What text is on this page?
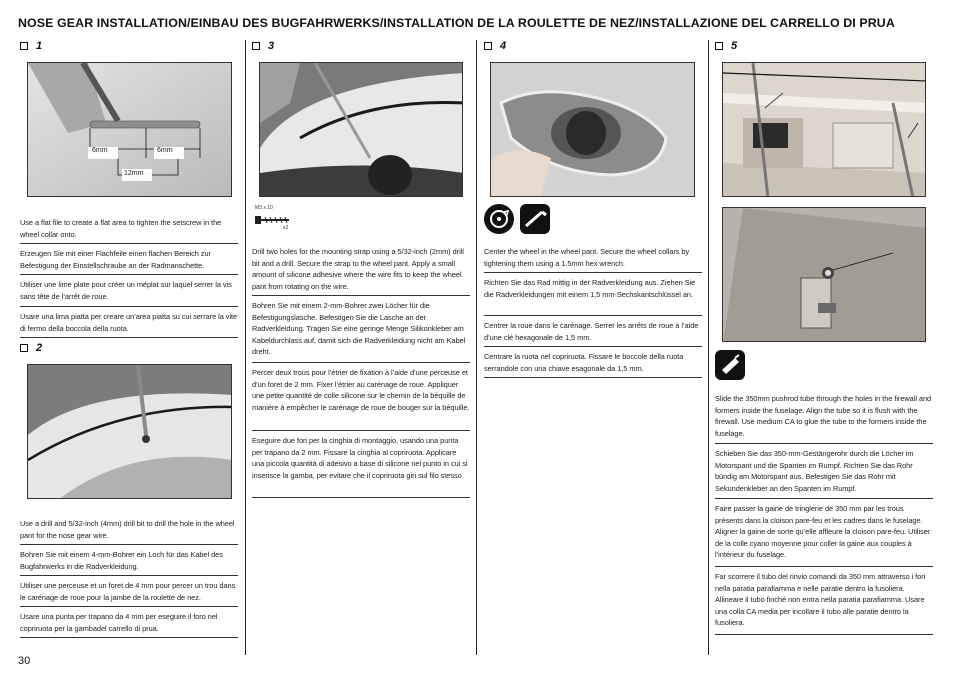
NOSE GEAR INSTALLATION/EINBAU DES BUGFAHRWERKS/INSTALLATION DE LA ROULETTE DE NEZ/INSTALLAZIONE DEL CARRELLO DI PRUA
1
6mm	6mm
12mm
Use a flat file to create a flat area to tighten the setscrew in the wheel collar onto.
Erzeugen Sie mit einer Flachfeile einen flachen Bereich zur Befestigung der Einstellschraube an der Radmanschette.
Utiliser une lime plate pour créer un méplat sur laquel serrer la vis sans tête de l’arrêt de roue.
Usare una lima piatta per creare un’area piatta su cui serrare la vite di fermo della boccola della ruota.
2
Use a drill and 5/32-inch (4mm) drill bit to drill the hole in the wheel pant for the nose gear wire.
Bohren Sie mit einem 4-mm-Bohrer ein Loch für das Kabel des Bugfahrwerks in die Radverkleidung.
Utiliser une perceuse et un foret de 4 mm pour percer un trou dans le carénage de roue pour la jambe de la roulette de nez.
Usare una punta per trapano da 4 mm per eseguire il foro nel copriruota per la gambadel carrello di prua.
30
3
M3 x 10
x2
Drill two holes for the mounting strap using a 5/32-inch (2mm) drill bit and a drill. Secure the strap to the wheel pant. Apply a small amount of silicone adhesive where the wire fits to keep the wheel pant from rotating on the wire.
Bohren Sie mit einem 2-mm-Bohrer zwei Löcher für die Befestigungslasche. Befestigen Sie die Lasche an der Radverkleidung. Tragen Sie eine geringe Menge Silikonkleber am Kabeldurchlass auf, damit sich die Radverkleidung nicht am Kabel dreht.
Percer deux trous pour l’étrier de fixation à l’aide d’une perceuse et d’un foret de 2 mm. Fixer l’étrier au carénage de roue. Appliquer une petite quantité de colle silicone sur le chemin de la béquille de manière à empêcher le carénage de roue de bouger sur la béquille.
Eseguire due fori per la cinghia di montaggio, usando una punta per trapano da 2 mm. Fissare la cinghia al copriruota. Applicare una piccola quantità di adesivo a base di silicone nel punto in cui si inserisce la gamba, per evitare che il copriruota giri sul filo stesso.
4
Center the wheel in the wheel pant. Secure the wheel collars by tightening them using a 1.5mm hex wrench.
Richten Sie das Rad mittig in der Radverkleidung aus. Ziehen Sie die Radverkleidungen mit einem 1,5 mm-Sechskantschlüssel an.
Centrer la roue dans le carénage. Serrer les arrêts de roue à l’aide d’une clé hexagonale de 1,5 mm.
Centrare la ruota nel copriruota. Fissare le boccole della ruota serrandole con una chiave esagonale da 1,5 mm.
5
Slide the 350mm pushrod tube through the holes in the firewall and formers inside the fuselage. Align the tube so it is flush with the firewall. Use medium CA to glue the tube to the formers inside the fuselage.
Schieben Sie das 350-mm-Gestängerohr durch die Löcher im Motorspant und die Spanten im Rumpf. Richten Sie das Rohr bündig am Motorspant aus. Befestigen Sie das Rohr mit Sekundenkleber an den Spanten im Rumpf.
Faire passer la gaine de tringlerie de 350 mm par les trous présents dans la cloison pare-feu et les cadres dans le fuselage. Aligner la gaine de sorte qu’elle affleure la cloison pare-feu. Utiliser de la colle cyano moyenne pour coller la gaine aux couples à l’intérieur du fuselage.
Far scorrere il tubo del rinvio comandi da 350 mm attraverso i fori nella paratia parafiamma e nelle paratie dentro la fusoliera. Allineare il tubo finché non entra nella paratia parafiamma. Usare una colla CA media per incollare il tubo alle paratie dentro la fusoliera.
